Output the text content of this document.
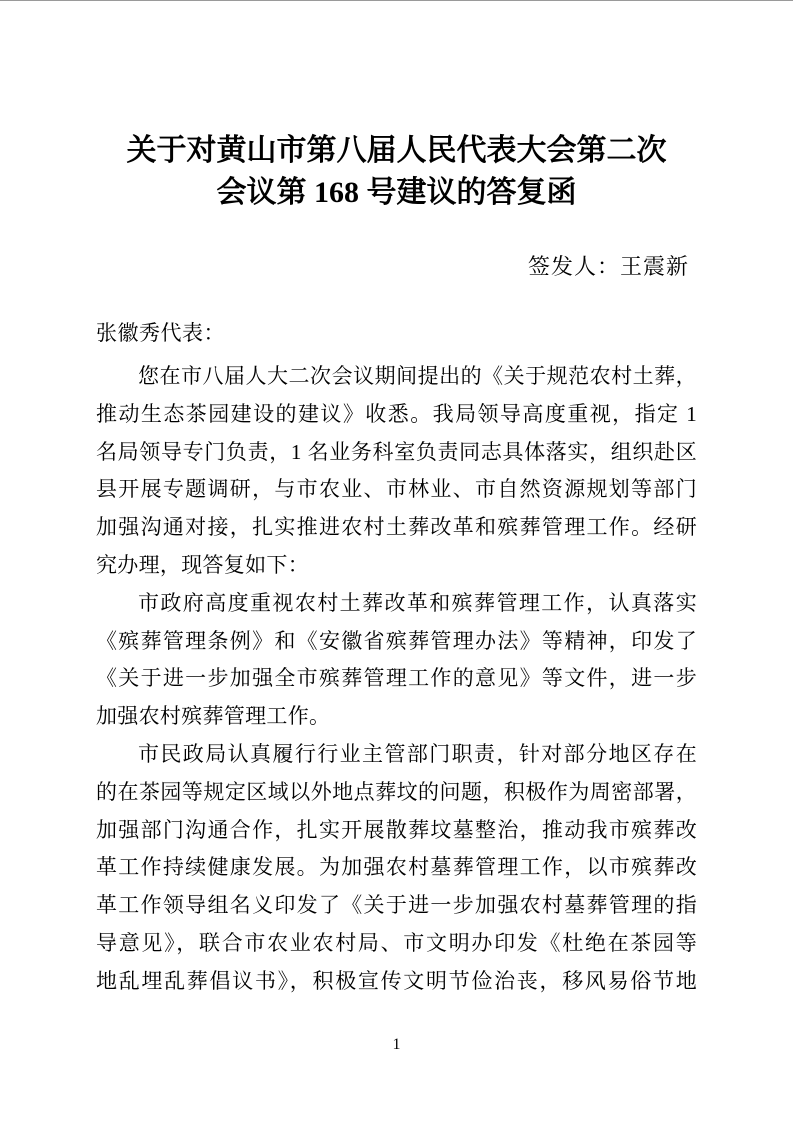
关于对黄山市第八届人民代表大会第二次
会议第 168 号建议的答复函
签发人：王震新
张徽秀代表：
您在市八届人大二次会议期间提出的《关于规范农村土葬，
推动生态茶园建设的建议》收悉。我局领导高度重视，指定 1
名局领导专门负责，1 名业务科室负责同志具体落实，组织赴区
县开展专题调研，与市农业、市林业、市自然资源规划等部门
加强沟通对接，扎实推进农村土葬改革和殡葬管理工作。经研
究办理，现答复如下：
市政府高度重视农村土葬改革和殡葬管理工作，认真落实
《殡葬管理条例》和《安徽省殡葬管理办法》等精神，印发了
《关于进一步加强全市殡葬管理工作的意见》等文件，进一步
加强农村殡葬管理工作。
市民政局认真履行行业主管部门职责，针对部分地区存在
的在茶园等规定区域以外地点葬坟的问题，积极作为周密部署，
加强部门沟通合作，扎实开展散葬坟墓整治，推动我市殡葬改
革工作持续健康发展。为加强农村墓葬管理工作，以市殡葬改
革工作领导组名义印发了《关于进一步加强农村墓葬管理的指
导意见》，联合市农业农村局、市文明办印发《杜绝在茶园等
地乱埋乱葬倡议书》，积极宣传文明节俭治丧，移风易俗节地
1
